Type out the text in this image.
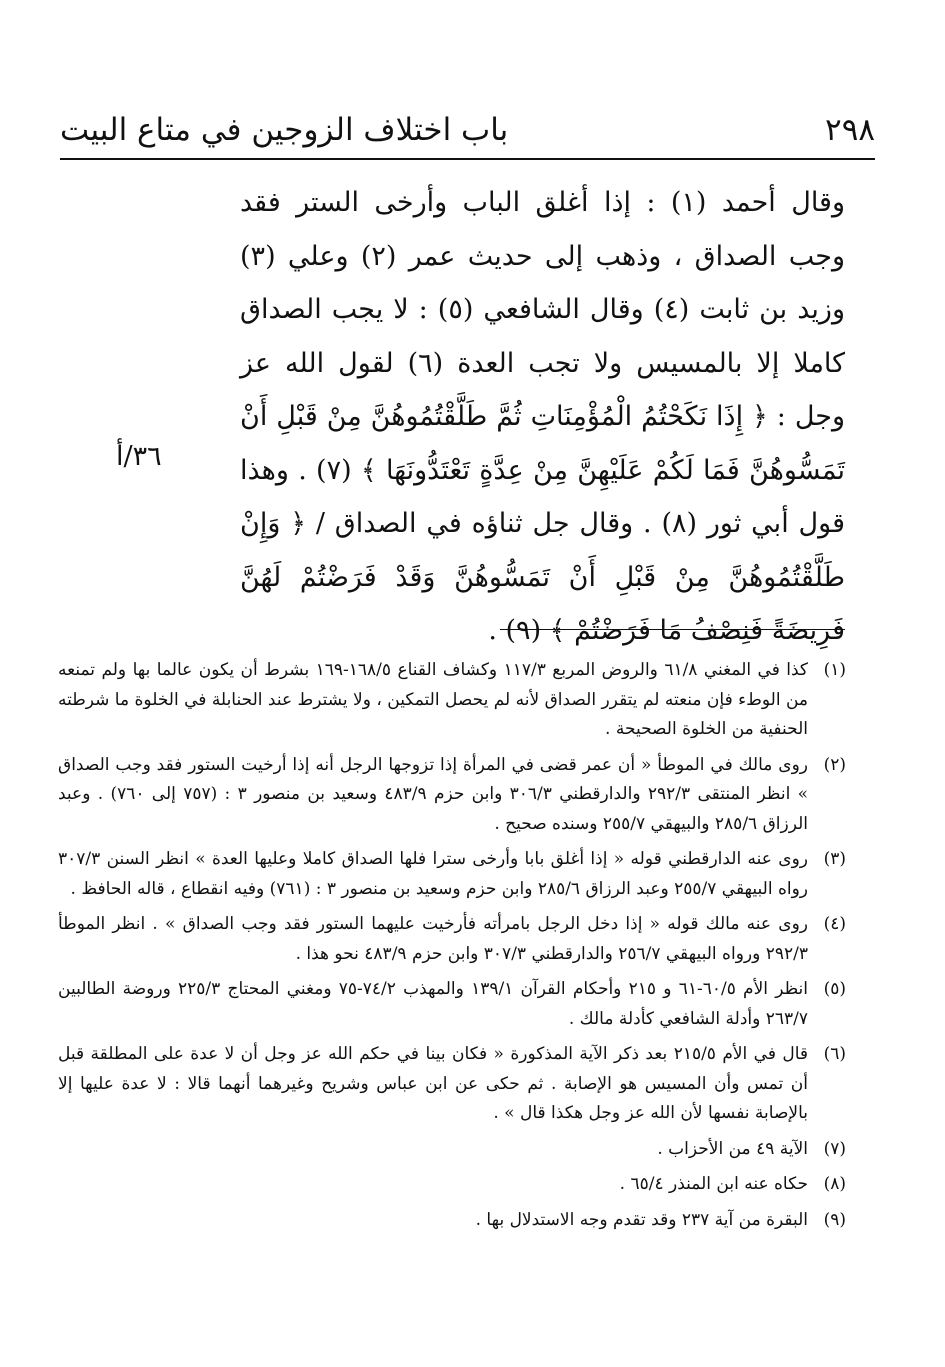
باب اختلاف الزوجين في متاع البيت	٢٩٨

وقال أحمد (١) : إذا أغلق الباب وأرخى الستر فقد وجب الصداق ، وذهب إلى حديث عمر (٢) وعلي (٣) وزيد بن ثابت (٤) وقال الشافعي (٥) : لا يجب الصداق كاملا إلا بالمسيس ولا تجب العدة (٦) لقول الله عز وجل : ﴿ إِذَا نَكَحْتُمُ الْمُؤْمِنَاتِ ثُمَّ طَلَّقْتُمُوهُنَّ مِنْ قَبْلِ أَنْ تَمَسُّوهُنَّ فَمَا لَكُمْ عَلَيْهِنَّ مِنْ عِدَّةٍ تَعْتَدُّونَهَا ﴾ (٧) . وهذا قول أبي ثور (٨) . وقال جل ثناؤه في الصداق / ﴿ وَإِنْ طَلَّقْتُمُوهُنَّ مِنْ قَبْلِ أَنْ تَمَسُّوهُنَّ وَقَدْ فَرَضْتُمْ لَهُنَّ فَرِيضَةً فَنِصْفُ مَا فَرَضْتُمْ ﴾ (٩) .

٣٦/أ
(١)
كذا في المغني ٦١/٨ والروض المربع ١١٧/٣ وكشاف القناع ١٦٨/٥-١٦٩ بشرط أن يكون عالما بها ولم تمنعه من الوطء فإن منعته لم يتقرر الصداق لأنه لم يحصل التمكين ، ولا يشترط عند الحنابلة في الخلوة ما شرطته الحنفية من الخلوة الصحيحة .
(٢)
روى مالك في الموطأ « أن عمر قضى في المرأة إذا تزوجها الرجل أنه إذا أرخيت الستور فقد وجب الصداق » انظر المنتقى ٢٩٢/٣ والدارقطني ٣٠٦/٣ وابن حزم ٤٨٣/٩ وسعيد بن منصور ٣ : (٧٥٧ إلى ٧٦٠) . وعبد الرزاق ٢٨٥/٦ والبيهقي ٢٥٥/٧ وسنده صحيح .
(٣)
روى عنه الدارقطني قوله « إذا أغلق بابا وأرخى سترا فلها الصداق كاملا وعليها العدة » انظر السنن ٣٠٧/٣ رواه البيهقي ٢٥٥/٧ وعبد الرزاق ٢٨٥/٦ وابن حزم وسعيد بن منصور ٣ : (٧٦١) وفيه انقطاع ، قاله الحافظ .
(٤)
روى عنه مالك قوله « إذا دخل الرجل بامرأته فأرخيت عليهما الستور فقد وجب الصداق » . انظر الموطأ ٢٩٢/٣ ورواه البيهقي ٢٥٦/٧ والدارقطني ٣٠٧/٣ وابن حزم ٤٨٣/٩ نحو هذا .
(٥)
انظر الأم ٦٠/٥-٦١ و ٢١٥ وأحكام القرآن ١٣٩/١ والمهذب ٧٤/٢-٧٥ ومغني المحتاج ٢٢٥/٣ وروضة الطالبين ٢٦٣/٧ وأدلة الشافعي كأدلة مالك .
(٦)
قال في الأم ٢١٥/٥ بعد ذكر الآية المذكورة « فكان بينا في حكم الله عز وجل أن لا عدة على المطلقة قبل أن تمس وأن المسيس هو الإصابة . ثم حكى عن ابن عباس وشريح وغيرهما أنهما قالا : لا عدة عليها إلا بالإصابة نفسها لأن الله عز وجل هكذا قال » .
(٧)
الآية ٤٩ من الأحزاب .
(٨)
حكاه عنه ابن المنذر ٦٥/٤ .
(٩)
البقرة من آية ٢٣٧ وقد تقدم وجه الاستدلال بها .
